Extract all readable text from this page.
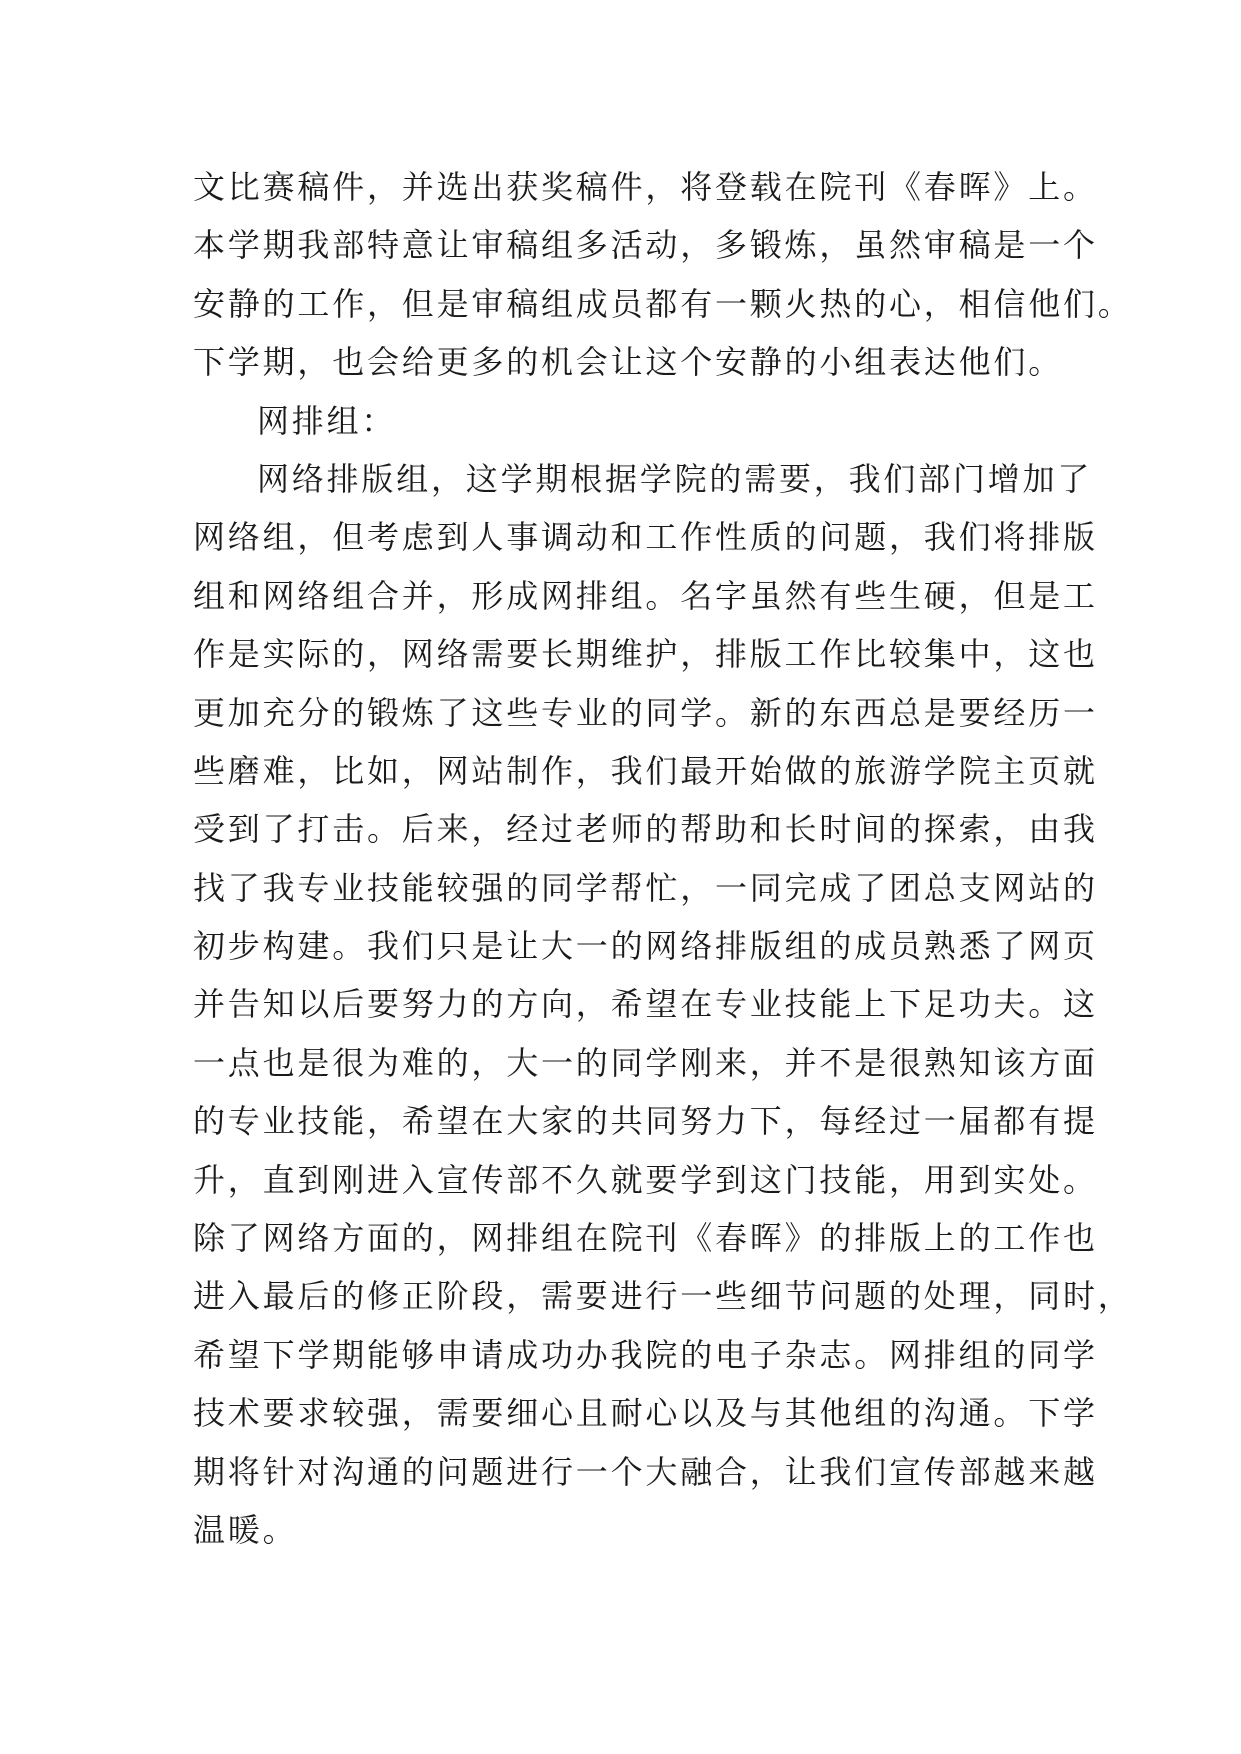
文比赛稿件，并选出获奖稿件，将登载在院刊《春晖》上。
本学期我部特意让审稿组多活动，多锻炼，虽然审稿是一个
安静的工作，但是审稿组成员都有一颗火热的心，相信他们。
下学期，也会给更多的机会让这个安静的小组表达他们。
网排组：
网络排版组，这学期根据学院的需要，我们部门增加了
网络组，但考虑到人事调动和工作性质的问题，我们将排版
组和网络组合并，形成网排组。名字虽然有些生硬，但是工
作是实际的，网络需要长期维护，排版工作比较集中，这也
更加充分的锻炼了这些专业的同学。新的东西总是要经历一
些磨难，比如，网站制作，我们最开始做的旅游学院主页就
受到了打击。后来，经过老师的帮助和长时间的探索，由我
找了我专业技能较强的同学帮忙，一同完成了团总支网站的
初步构建。我们只是让大一的网络排版组的成员熟悉了网页
并告知以后要努力的方向，希望在专业技能上下足功夫。这
一点也是很为难的，大一的同学刚来，并不是很熟知该方面
的专业技能，希望在大家的共同努力下，每经过一届都有提
升，直到刚进入宣传部不久就要学到这门技能，用到实处。
除了网络方面的，网排组在院刊《春晖》的排版上的工作也
进入最后的修正阶段，需要进行一些细节问题的处理，同时，
希望下学期能够申请成功办我院的电子杂志。网排组的同学
技术要求较强，需要细心且耐心以及与其他组的沟通。下学
期将针对沟通的问题进行一个大融合，让我们宣传部越来越
温暖。
